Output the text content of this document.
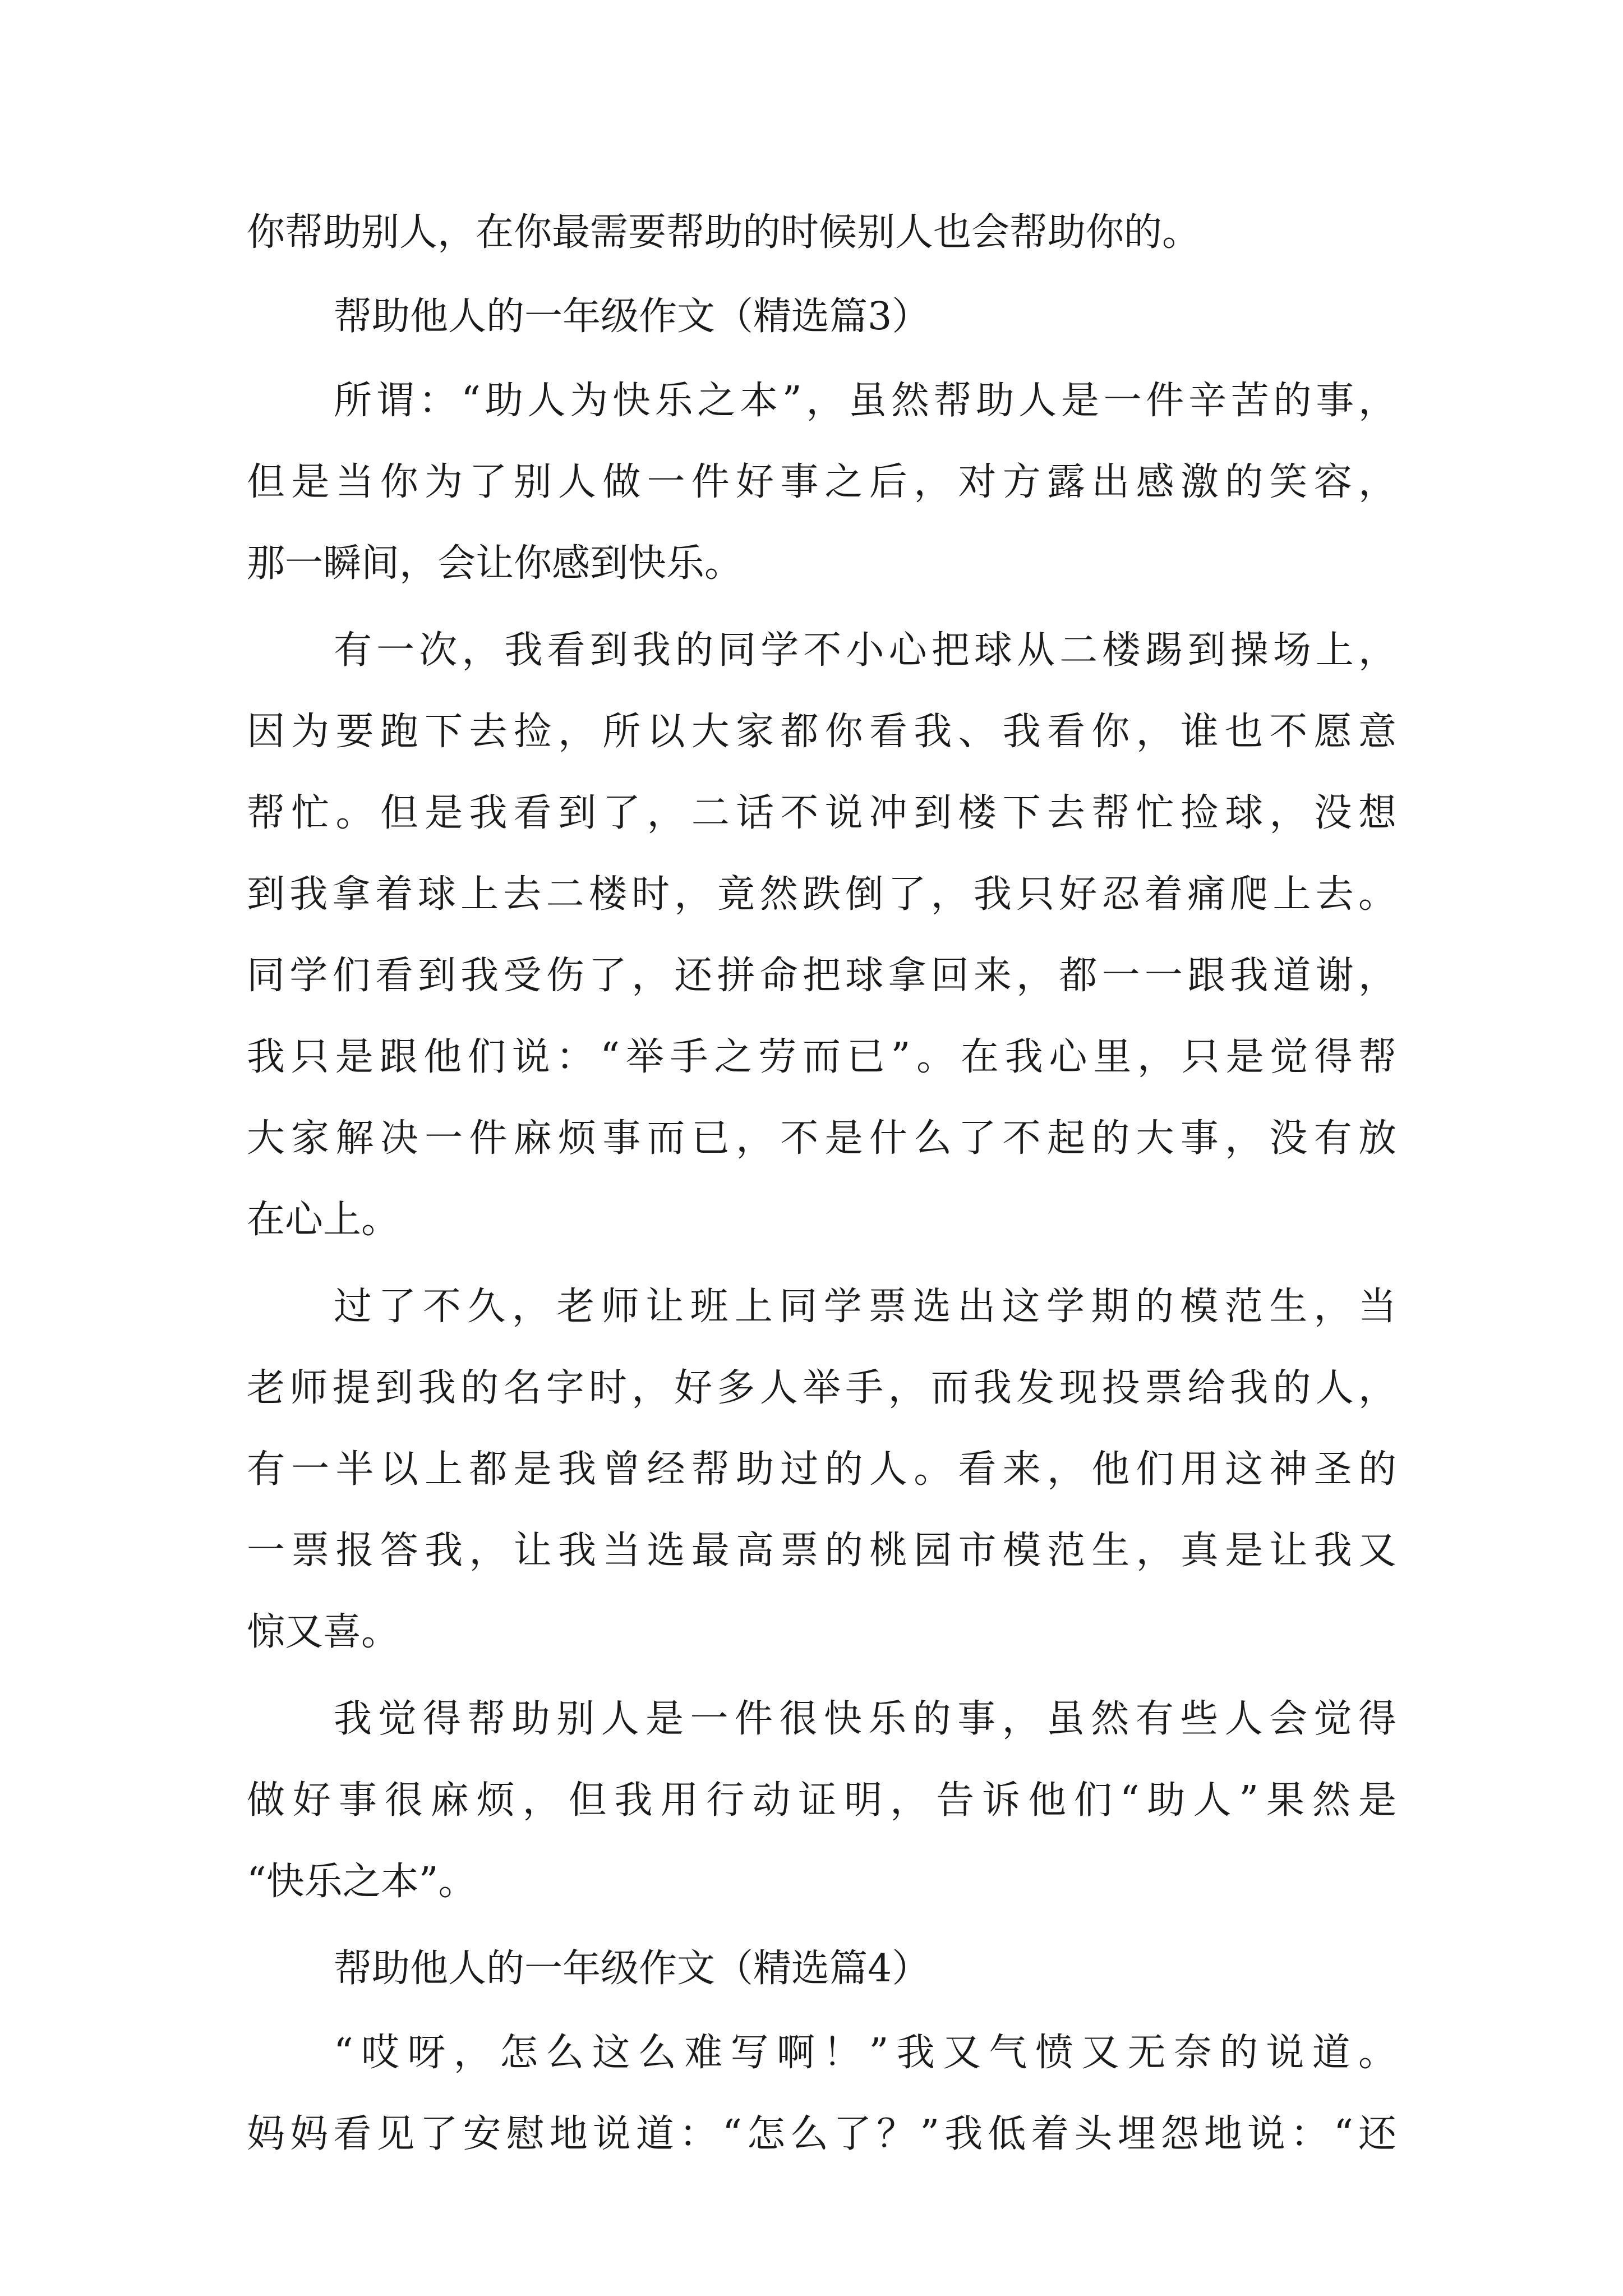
你帮助别人，在你最需要帮助的时候别人也会帮助你的。
帮助他人的一年级作文（精选篇3）
所谓：“助人为快乐之本”，虽然帮助人是一件辛苦的事，
但是当你为了别人做一件好事之后，对方露出感激的笑容，
那一瞬间，会让你感到快乐。
有一次，我看到我的同学不小心把球从二楼踢到操场上，
因为要跑下去捡，所以大家都你看我、我看你，谁也不愿意
帮忙。但是我看到了，二话不说冲到楼下去帮忙捡球，没想
到我拿着球上去二楼时，竟然跌倒了，我只好忍着痛爬上去。
同学们看到我受伤了，还拼命把球拿回来，都一一跟我道谢，
我只是跟他们说：“举手之劳而已”。在我心里，只是觉得帮
大家解决一件麻烦事而已，不是什么了不起的大事，没有放
在心上。
过了不久，老师让班上同学票选出这学期的模范生，当
老师提到我的名字时，好多人举手，而我发现投票给我的人，
有一半以上都是我曾经帮助过的人。看来，他们用这神圣的
一票报答我，让我当选最高票的桃园市模范生，真是让我又
惊又喜。
我觉得帮助别人是一件很快乐的事，虽然有些人会觉得
做好事很麻烦，但我用行动证明，告诉他们“助人”果然是
“快乐之本”。
帮助他人的一年级作文（精选篇4）
“哎呀，怎么这么难写啊！”我又气愤又无奈的说道。
妈妈看见了安慰地说道：“怎么了？”我低着头埋怨地说：“还
